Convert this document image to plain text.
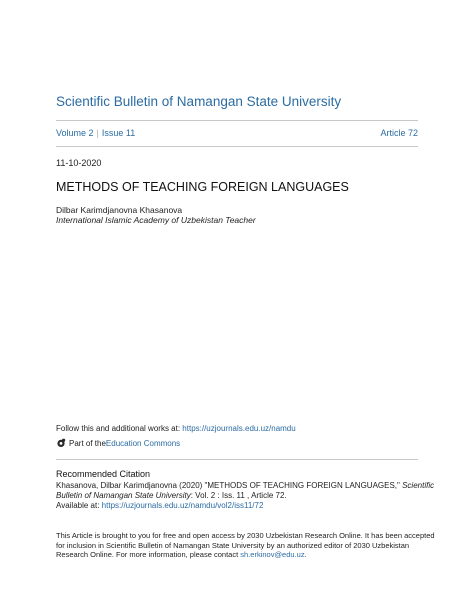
Scientific Bulletin of Namangan State University
Volume 2 | Issue 11	Article 72
11-10-2020
METHODS OF TEACHING FOREIGN LANGUAGES
Dilbar Karimdjanovna Khasanova
International Islamic Academy of Uzbekistan Teacher
Follow this and additional works at: https://uzjournals.edu.uz/namdu
Part of the Education Commons
Recommended Citation
Khasanova, Dilbar Karimdjanovna (2020) "METHODS OF TEACHING FOREIGN LANGUAGES," Scientific
Bulletin of Namangan State University: Vol. 2 : Iss. 11 , Article 72.
Available at: https://uzjournals.edu.uz/namdu/vol2/iss11/72
This Article is brought to you for free and open access by 2030 Uzbekistan Research Online. It has been accepted
for inclusion in Scientific Bulletin of Namangan State University by an authorized editor of 2030 Uzbekistan
Research Online. For more information, please contact sh.erkinov@edu.uz.
